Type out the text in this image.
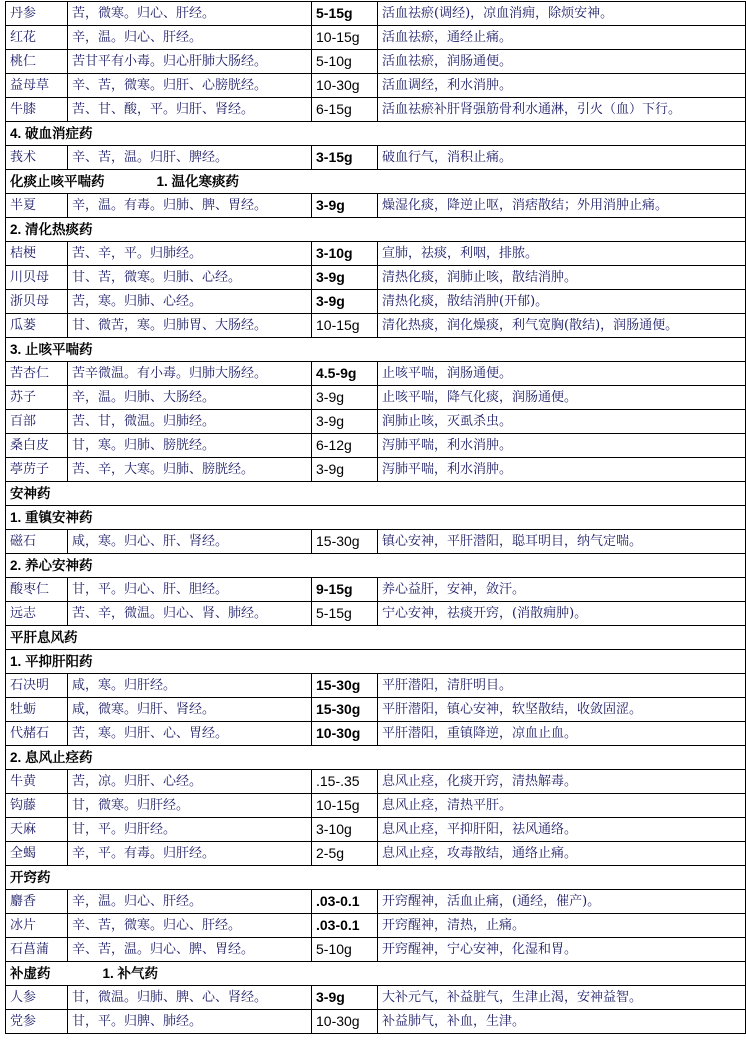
丹参	苦，微寒。归心、肝经。	5-15g	活血祛瘀(调经)，凉血消痈，除烦安神。
红花	辛，温。归心、肝经。	10-15g	活血祛瘀，通经止痛。
桃仁	苦甘平有小毒。归心肝肺大肠经。	5-10g	活血祛瘀，润肠通便。
益母草	辛、苦，微寒。归肝、心膀胱经。	10-30g	活血调经，利水消肿。
牛膝	苦、甘、酸，平。归肝、肾经。	6-15g	活血祛瘀补肝肾强筋骨利水通淋，引火（血）下行。
4. 破血消症药			
莪术	辛、苦，温。归肝、脾经。	3-15g	破血行气，消积止痛。
化痰止咳平喘药 1. 温化寒痰药			
半夏	辛，温。有毒。归肺、脾、胃经。	3-9g	燥湿化痰，降逆止呕，消痞散结；外用消肿止痛。
2. 清化热痰药			
桔梗	苦、辛，平。归肺经。	3-10g	宣肺，祛痰，利咽，排脓。
川贝母	甘、苦，微寒。归肺、心经。	3-9g	清热化痰，润肺止咳，散结消肿。
浙贝母	苦，寒。归肺、心经。	3-9g	清热化痰，散结消肿(开郁)。
瓜蒌	甘、微苦，寒。归肺胃、大肠经。	10-15g	清化热痰，润化燥痰，利气宽胸(散结)，润肠通便。
3. 止咳平喘药			
苦杏仁	苦辛微温。有小毒。归肺大肠经。	4.5-9g	止咳平喘，润肠通便。
苏子	辛，温。归肺、大肠经。	3-9g	止咳平喘，降气化痰，润肠通便。
百部	苦、甘，微温。归肺经。	3-9g	润肺止咳，灭虱杀虫。
桑白皮	甘，寒。归肺、膀胱经。	6-12g	泻肺平喘，利水消肿。
葶苈子	苦、辛，大寒。归肺、膀胱经。	3-9g	泻肺平喘，利水消肿。
安神药			
1. 重镇安神药			
磁石	咸，寒。归心、肝、肾经。	15-30g	镇心安神，平肝潜阳，聪耳明目，纳气定喘。
2. 养心安神药			
酸枣仁	甘，平。归心、肝、胆经。	9-15g	养心益肝，安神，敛汗。
远志	苦、辛，微温。归心、肾、肺经。	5-15g	宁心安神，祛痰开窍，(消散痈肿)。
平肝息风药			
1. 平抑肝阳药			
石决明	咸，寒。归肝经。	15-30g	平肝潜阳，清肝明目。
牡蛎	咸，微寒。归肝、肾经。	15-30g	平肝潜阳，镇心安神，软坚散结，收敛固涩。
代赭石	苦，寒。归肝、心、胃经。	10-30g	平肝潜阳，重镇降逆，凉血止血。
2. 息风止痉药			
牛黄	苦，凉。归肝、心经。	.15-.35	息风止痉，化痰开窍，清热解毒。
钩藤	甘，微寒。归肝经。	10-15g	息风止痉，清热平肝。
天麻	甘，平。归肝经。	3-10g	息风止痉，平抑肝阳，祛风通络。
全蝎	辛，平。有毒。归肝经。	2-5g	息风止痉，攻毒散结，通络止痛。
开窍药			
麝香	辛，温。归心、肝经。	.03-0.1	开窍醒神，活血止痛，(通经，催产)。
冰片	辛、苦，微寒。归心、肝经。	.03-0.1	开窍醒神，清热，止痛。
石菖蒲	辛、苦，温。归心、脾、胃经。	5-10g	开窍醒神，宁心安神，化湿和胃。
补虚药 1. 补气药			
人参	甘，微温。归肺、脾、心、肾经。	3-9g	大补元气，补益脏气，生津止渴，安神益智。
党参	甘，平。归脾、肺经。	10-30g	补益肺气，补血，生津。
